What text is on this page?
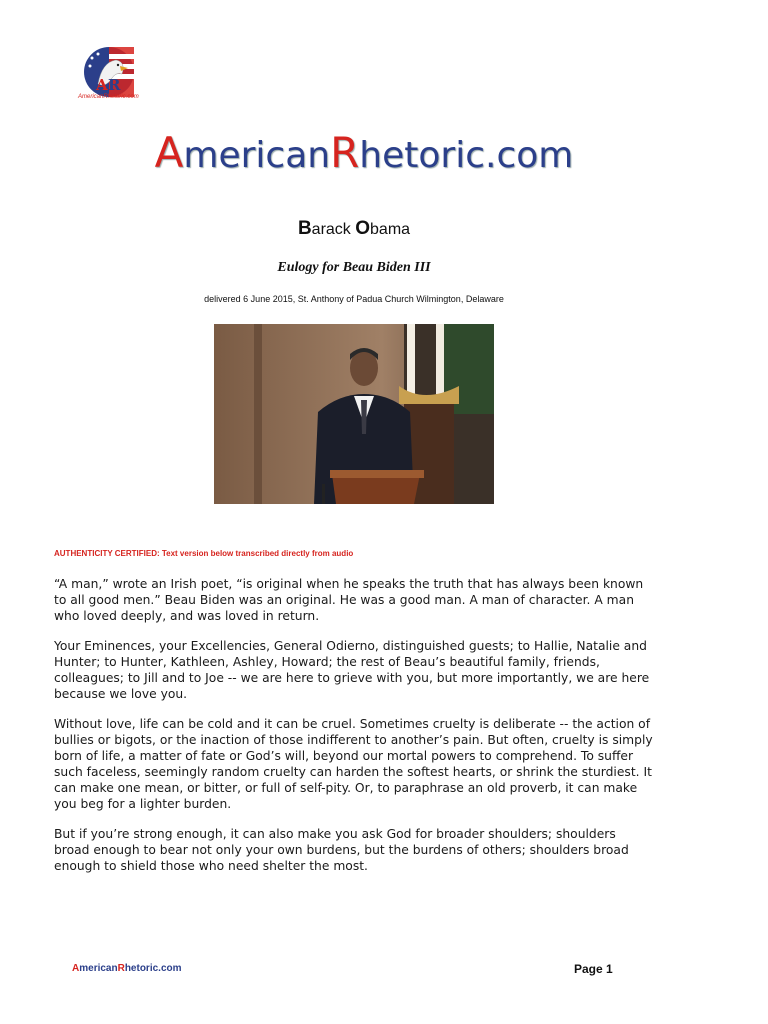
A R
AmericanRhetoric.com
AmericanRhetoric.com
Barack Obama
Eulogy for Beau Biden III
delivered 6 June 2015, St. Anthony of Padua Church Wilmington, Delaware
AUTHENTICITY CERTIFIED: Text version below transcribed directly from audio

“A man,” wrote an Irish poet, “is original when he speaks the truth that has always been known to all good men.” Beau Biden was an original. He was a good man. A man of character. A man who loved deeply, and was loved in return.

Your Eminences, your Excellencies, General Odierno, distinguished guests; to Hallie, Natalie and Hunter; to Hunter, Kathleen, Ashley, Howard; the rest of Beau’s beautiful family, friends, colleagues; to Jill and to Joe -- we are here to grieve with you, but more importantly, we are here because we love you.

Without love, life can be cold and it can be cruel. Sometimes cruelty is deliberate -- the action of bullies or bigots, or the inaction of those indifferent to another’s pain. But often, cruelty is simply born of life, a matter of fate or God’s will, beyond our mortal powers to comprehend. To suffer such faceless, seemingly random cruelty can harden the softest hearts, or shrink the sturdiest. It can make one mean, or bitter, or full of self-pity. Or, to paraphrase an old proverb, it can make you beg for a lighter burden.

But if you’re strong enough, it can also make you ask God for broader shoulders; shoulders broad enough to bear not only your own burdens, but the burdens of others; shoulders broad enough to shield those who need shelter the most.

AmericanRhetoric.com	Page 1
